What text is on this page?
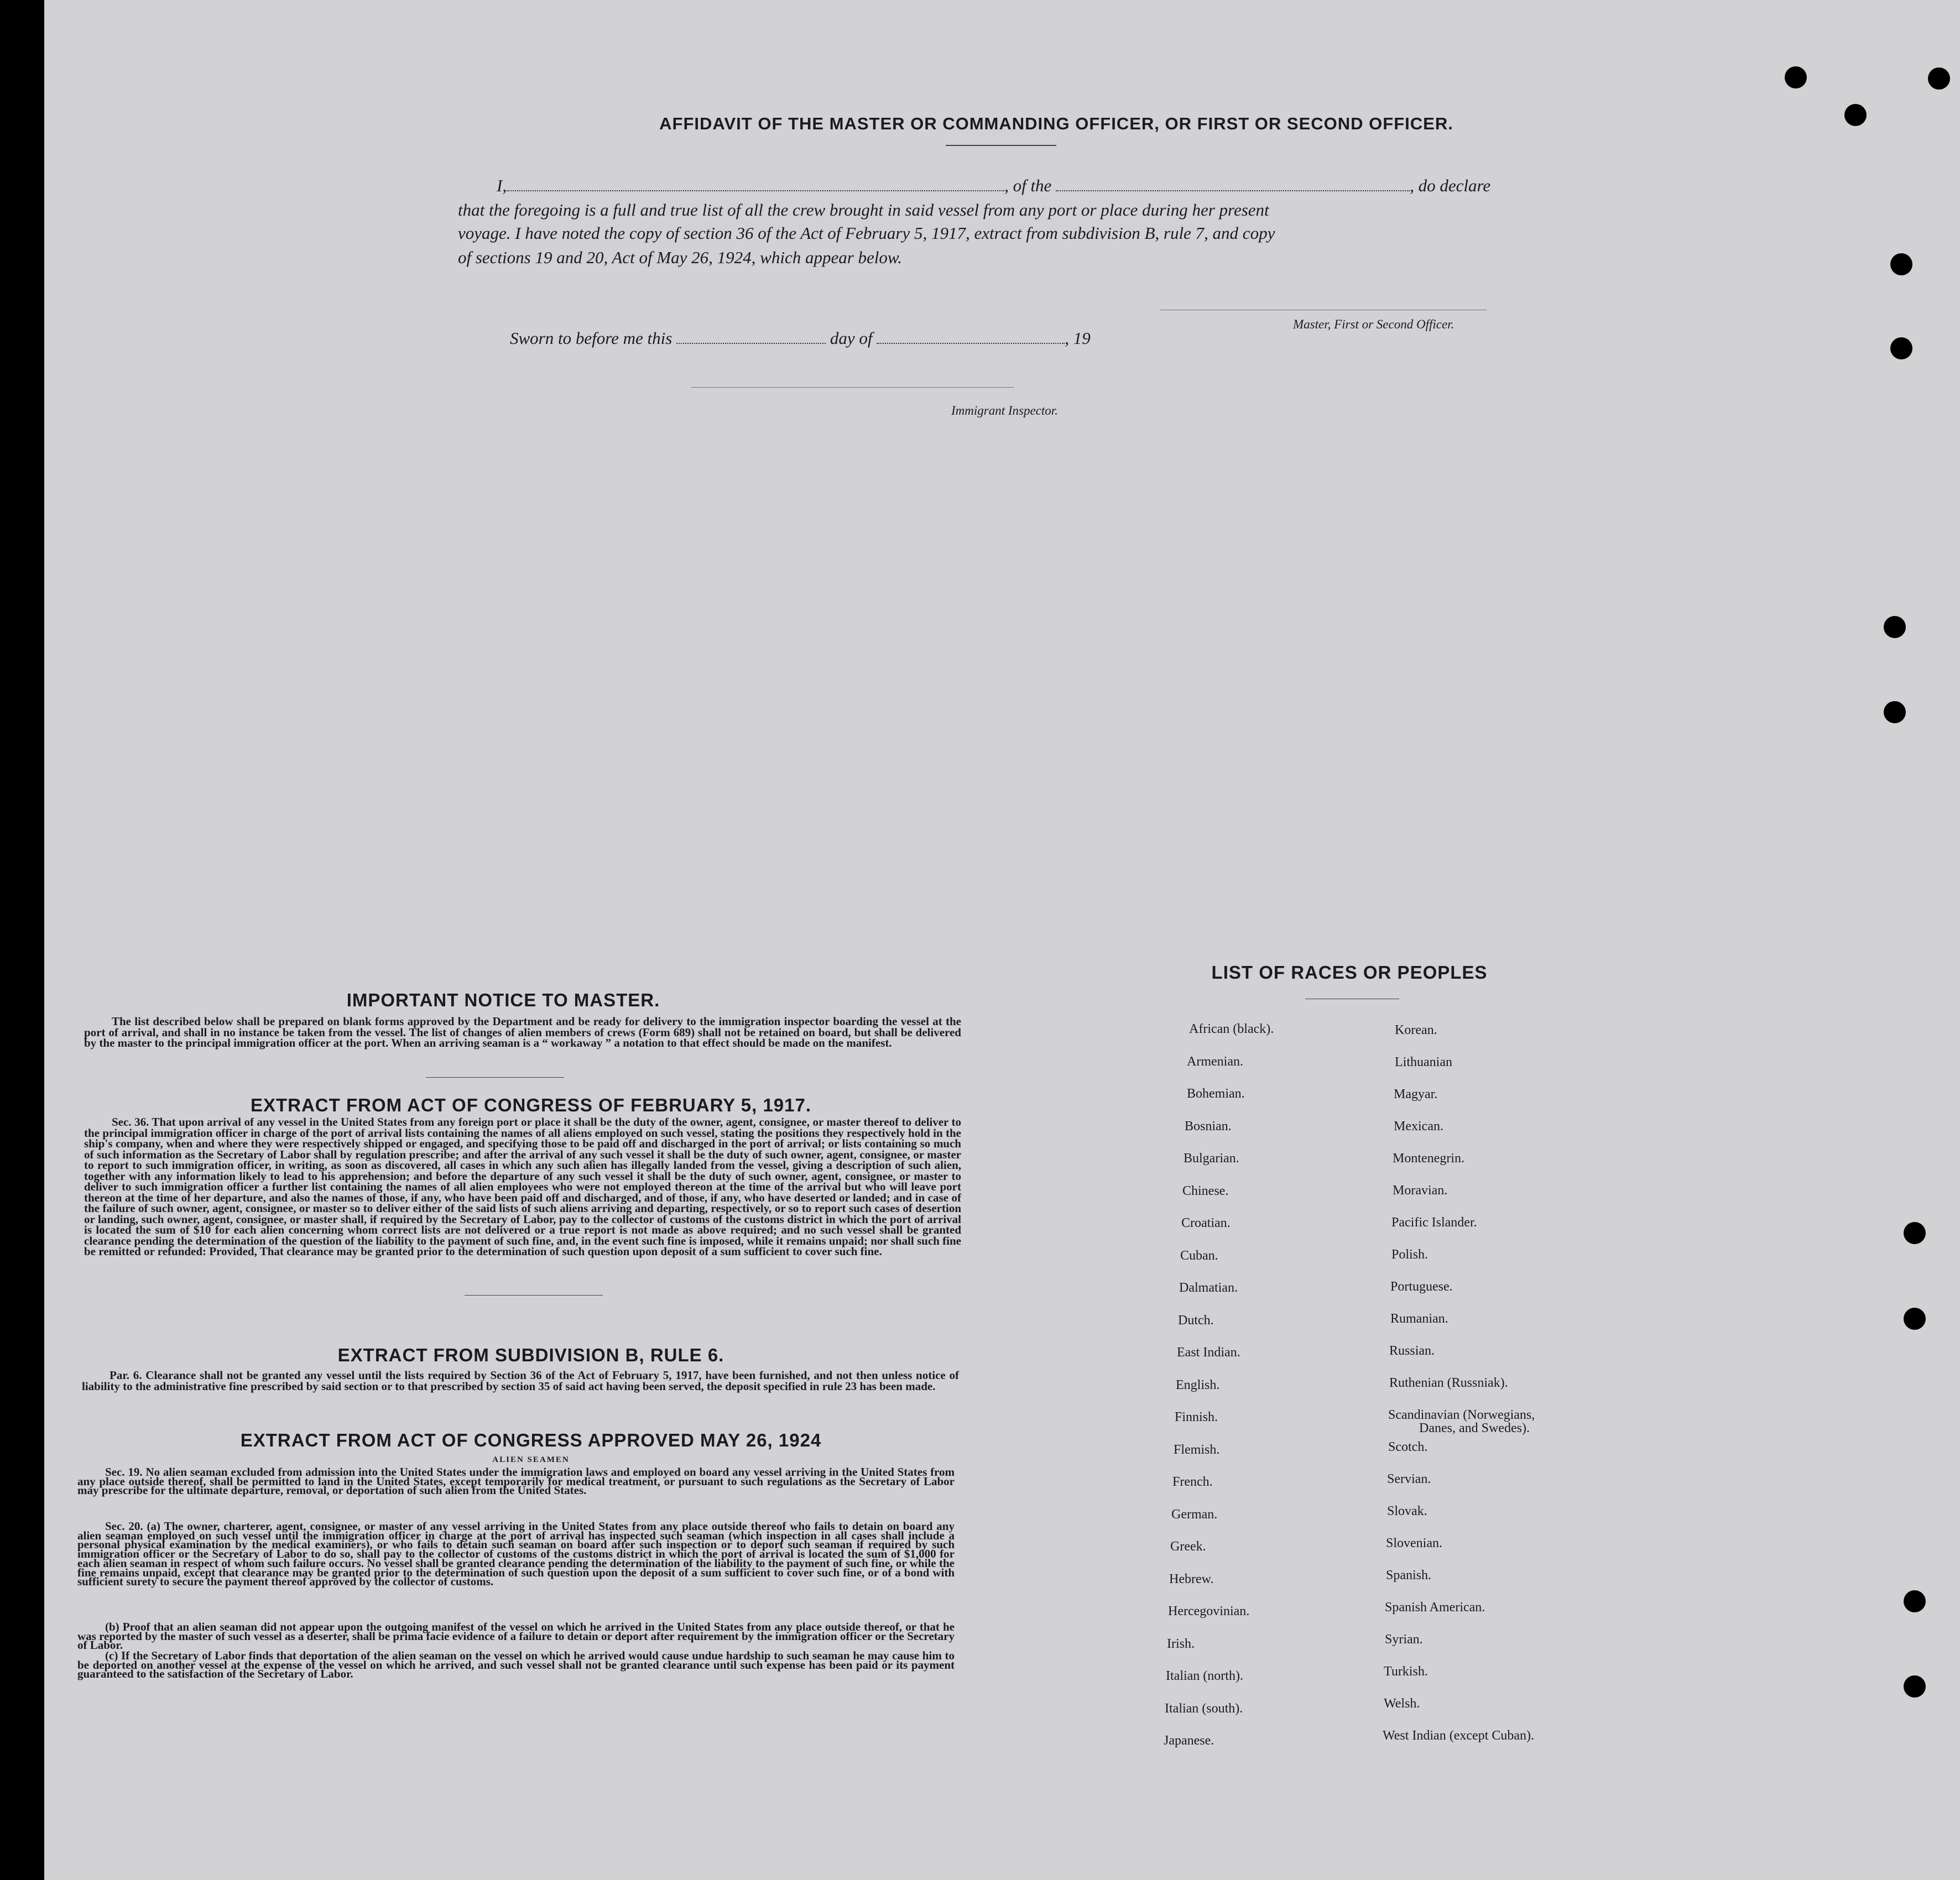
AFFIDAVIT OF THE MASTER OR COMMANDING OFFICER, OR FIRST OR SECOND OFFICER.
I,	, of the	, do declare
that the foregoing is a full and true list of all the crew brought in said vessel from any port or place during her present
voyage. I have noted the copy of section 36 of the Act of February 5, 1917, extract from subdivision B, rule 7, and copy
of sections 19 and 20, Act of May 26, 1924, which appear below.
Master, First or Second Officer.
Sworn to before me this	day of	, 19
Immigrant Inspector.
IMPORTANT NOTICE TO MASTER.
The list described below shall be prepared on blank forms approved by the Department and be ready for delivery to the immigration inspector boarding the vessel at the port of arrival, and shall in no instance be taken from the vessel. The list of changes of alien members of crews (Form 689) shall not be retained on board, but shall be delivered by the master to the principal immigration officer at the port. When an arriving seaman is a “ workaway ” a notation to that effect should be made on the manifest.
EXTRACT FROM ACT OF CONGRESS OF FEBRUARY 5, 1917.
Sec. 36. That upon arrival of any vessel in the United States from any foreign port or place it shall be the duty of the owner, agent, consignee, or master thereof to deliver to the principal immigration officer in charge of the port of arrival lists containing the names of all aliens employed on such vessel, stating the positions they respectively hold in the ship's company, when and where they were respectively shipped or engaged, and specifying those to be paid off and discharged in the port of arrival; or lists containing so much of such information as the Secretary of Labor shall by regulation prescribe; and after the arrival of any such vessel it shall be the duty of such owner, agent, consignee, or master to report to such immigration officer, in writing, as soon as discovered, all cases in which any such alien has illegally landed from the vessel, giving a description of such alien, together with any information likely to lead to his apprehension; and before the departure of any such vessel it shall be the duty of such owner, agent, consignee, or master to deliver to such immigration officer a further list containing the names of all alien employees who were not employed thereon at the time of the arrival but who will leave port thereon at the time of her departure, and also the names of those, if any, who have been paid off and discharged, and of those, if any, who have deserted or landed; and in case of the failure of such owner, agent, consignee, or master so to deliver either of the said lists of such aliens arriving and departing, respectively, or so to report such cases of desertion or landing, such owner, agent, consignee, or master shall, if required by the Secretary of Labor, pay to the collector of customs of the customs district in which the port of arrival is located the sum of $10 for each alien concerning whom correct lists are not delivered or a true report is not made as above required; and no such vessel shall be granted clearance pending the determination of the question of the liability to the payment of such fine, and, in the event such fine is imposed, while it remains unpaid; nor shall such fine be remitted or refunded: Provided, That clearance may be granted prior to the determination of such question upon deposit of a sum sufficient to cover such fine.
EXTRACT FROM SUBDIVISION B, RULE 6.
Par. 6. Clearance shall not be granted any vessel until the lists required by Section 36 of the Act of February 5, 1917, have been furnished, and not then unless notice of liability to the administrative fine prescribed by said section or to that prescribed by section 35 of said act having been served, the deposit specified in rule 23 has been made.
EXTRACT FROM ACT OF CONGRESS APPROVED MAY 26, 1924
ALIEN SEAMEN
Sec. 19. No alien seaman excluded from admission into the United States under the immigration laws and employed on board any vessel arriving in the United States from any place outside thereof, shall be permitted to land in the United States, except temporarily for medical treatment, or pursuant to such regulations as the Secretary of Labor may prescribe for the ultimate departure, removal, or deportation of such alien from the United States.
Sec. 20. (a) The owner, charterer, agent, consignee, or master of any vessel arriving in the United States from any place outside thereof who fails to detain on board any alien seaman employed on such vessel until the immigration officer in charge at the port of arrival has inspected such seaman (which inspection in all cases shall include a personal physical examination by the medical examiners), or who fails to detain such seaman on board after such inspection or to deport such seaman if required by such immigration officer or the Secretary of Labor to do so, shall pay to the collector of customs of the customs district in which the port of arrival is located the sum of $1,000 for each alien seaman in respect of whom such failure occurs. No vessel shall be granted clearance pending the determination of the liability to the payment of such fine, or while the fine remains unpaid, except that clearance may be granted prior to the determination of such question upon the deposit of a sum sufficient to cover such fine, or of a bond with sufficient surety to secure the payment thereof approved by the collector of customs.
(b) Proof that an alien seaman did not appear upon the outgoing manifest of the vessel on which he arrived in the United States from any place outside thereof, or that he was reported by the master of such vessel as a deserter, shall be prima facie evidence of a failure to detain or deport after requirement by the immigration officer or the Secretary of Labor.
(c) If the Secretary of Labor finds that deportation of the alien seaman on the vessel on which he arrived would cause undue hardship to such seaman he may cause him to be deported on another vessel at the expense of the vessel on which he arrived, and such vessel shall not be granted clearance until such expense has been paid or its payment guaranteed to the satisfaction of the Secretary of Labor.
LIST OF RACES OR PEOPLES
African (black).
Armenian.
Bohemian.
Bosnian.
Bulgarian.
Chinese.
Croatian.
Cuban.
Dalmatian.
Dutch.
East Indian.
English.
Finnish.
Flemish.
French.
German.
Greek.
Hebrew.
Hercegovinian.
Irish.
Italian (north).
Italian (south).
Japanese.
Korean.
Lithuanian
Magyar.
Mexican.
Montenegrin.
Moravian.
Pacific Islander.
Polish.
Portuguese.
Rumanian.
Russian.
Ruthenian (Russniak).
Scandinavian (Norwegians,
Danes, and Swedes).
Scotch.
Servian.
Slovak.
Slovenian.
Spanish.
Spanish American.
Syrian.
Turkish.
Welsh.
West Indian (except Cuban).
